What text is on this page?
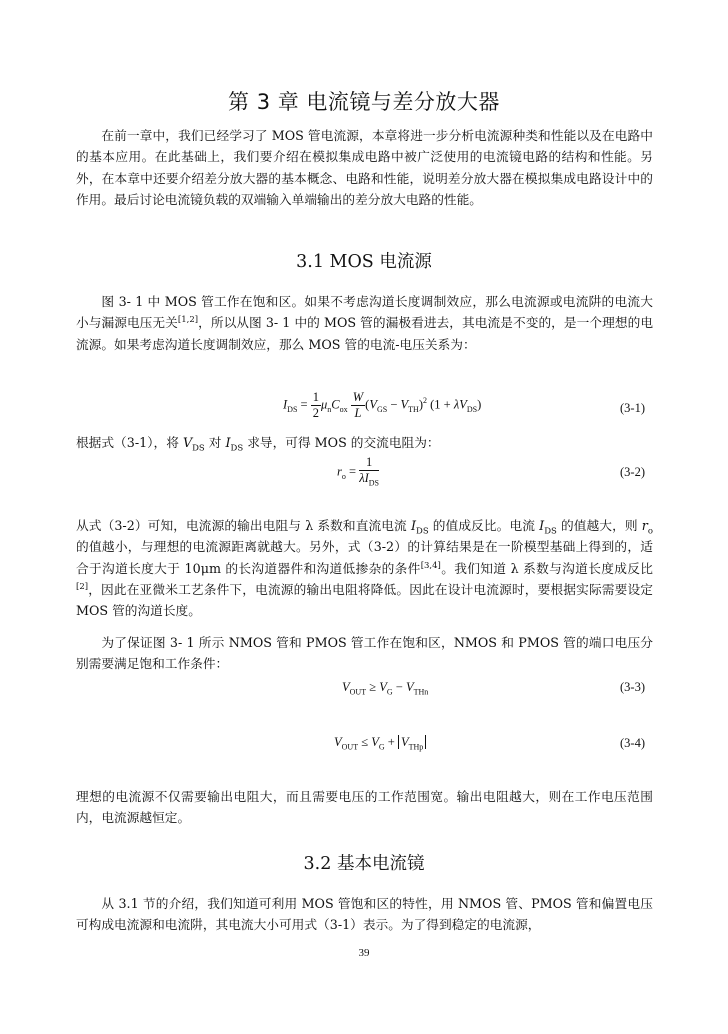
第 3 章 电流镜与差分放大器

在前一章中，我们已经学习了 MOS 管电流源，本章将进一步分析电流源种类和性能以及在电路中的基本应用。在此基础上，我们要介绍在模拟集成电路中被广泛使用的电流镜电路的结构和性能。另外，在本章中还要介绍差分放大器的基本概念、电路和性能，说明差分放大器在模拟集成电路设计中的作用。最后讨论电流镜负载的双端输入单端输出的差分放大电路的性能。

3.1 MOS 电流源

图 3- 1 中 MOS 管工作在饱和区。如果不考虑沟道长度调制效应，那么电流源或电流阱的电流大小与漏源电压无关[1,2]，所以从图 3- 1 中的 MOS 管的漏极看进去，其电流是不变的，是一个理想的电流源。如果考虑沟道长度调制效应，那么 MOS 管的电流-电压关系为：

$I_{DS} = \frac{1}{2} \mu_nC_{ox} \frac{W}{L} (V_{GS} - V_{TH})^2$ $(1 + \lambda V_{DS})$	(3-1)

根据式（3-1），将 $V_{DS}$ 对 $I_{DS}$ 求导，可得 MOS 的交流电阻为：

$r_o = \frac{1}{\lambda I_{DS}}$	(3-2)

从式（3-2）可知，电流源的输出电阻与 λ 系数和直流电流 $I_{DS}$ 的值成反比。电流 $I_{DS}$ 的值越大，则 $r_o$ 的值越小，与理想的电流源距离就越大。另外，式（3-2）的计算结果是在一阶模型基础上得到的，适合于沟道长度大于 10μm 的长沟道器件和沟道低掺杂的条件[3,4]。我们知道 λ 系数与沟道长度成反比[2]，因此在亚微米工艺条件下，电流源的输出电阻将降低。因此在设计电流源时，要根据实际需要设定 MOS 管的沟道长度。

为了保证图 3- 1 所示 NMOS 管和 PMOS 管工作在饱和区，NMOS 和 PMOS 管的端口电压分别需要满足饱和工作条件：

$V_{OUT} \ge V_G - V_{THn}$	(3-3)
$V_{OUT} \le V_G + V_{THp}$	(3-4)

理想的电流源不仅需要输出电阻大，而且需要电压的工作范围宽。输出电阻越大，则在工作电压范围内，电流源越恒定。

3.2 基本电流镜

从 3.1 节的介绍，我们知道可利用 MOS 管饱和区的特性，用 NMOS 管、PMOS 管和偏置电压可构成电流源和电流阱，其电流大小可用式（3-1）表示。为了得到稳定的电流源，

39
